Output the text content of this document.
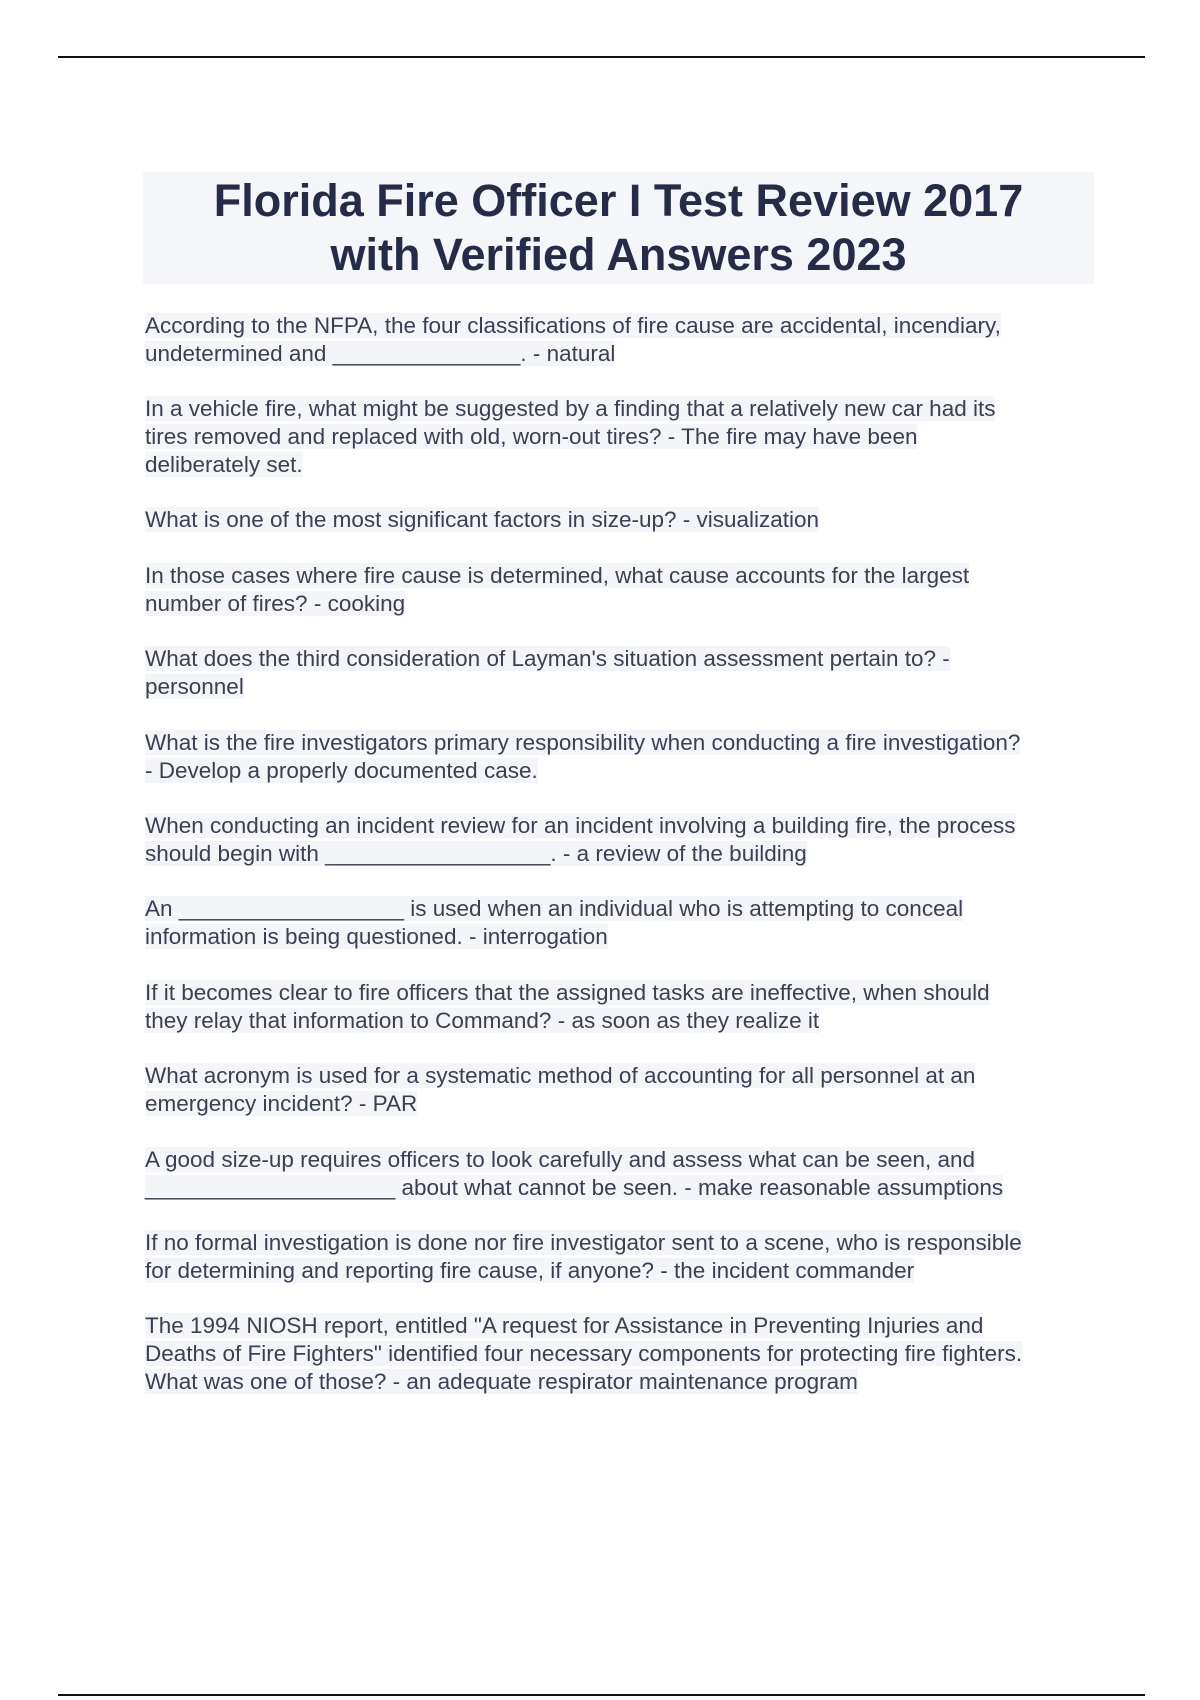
Florida Fire Officer I Test Review 2017
with Verified Answers 2023
According to the NFPA, the four classifications of fire cause are accidental, incendiary,
undetermined and _______________. - natural
In a vehicle fire, what might be suggested by a finding that a relatively new car had its
tires removed and replaced with old, worn-out tires? - The fire may have been
deliberately set.
What is one of the most significant factors in size-up? - visualization
In those cases where fire cause is determined, what cause accounts for the largest
number of fires? - cooking
What does the third consideration of Layman's situation assessment pertain to? -
personnel
What is the fire investigators primary responsibility when conducting a fire investigation?
- Develop a properly documented case.
When conducting an incident review for an incident involving a building fire, the process
should begin with __________________. - a review of the building
An __________________ is used when an individual who is attempting to conceal
information is being questioned. - interrogation
If it becomes clear to fire officers that the assigned tasks are ineffective, when should
they relay that information to Command? - as soon as they realize it
What acronym is used for a systematic method of accounting for all personnel at an
emergency incident? - PAR
A good size-up requires officers to look carefully and assess what can be seen, and
____________________ about what cannot be seen. - make reasonable assumptions
If no formal investigation is done nor fire investigator sent to a scene, who is responsible
for determining and reporting fire cause, if anyone? - the incident commander
The 1994 NIOSH report, entitled "A request for Assistance in Preventing Injuries and
Deaths of Fire Fighters" identified four necessary components for protecting fire fighters.
What was one of those? - an adequate respirator maintenance program
